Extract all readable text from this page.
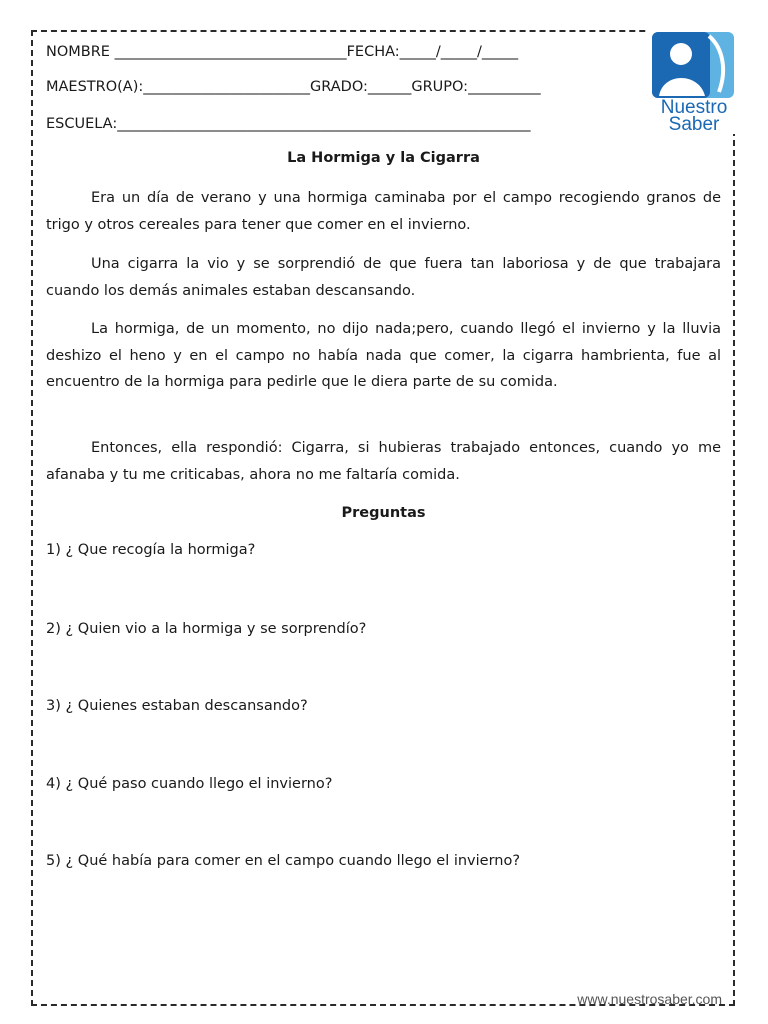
NOMBRE ________________________________FECHA:_____/_____/_____
MAESTRO(A):_______________________GRADO:______GRUPO:__________
ESCUELA:_________________________________________________________
Nuestro
Saber
La Hormiga y la Cigarra

Era un día de verano y una hormiga caminaba por el campo recogiendo granos de trigo y otros cereales para tener que comer en el invierno.

Una cigarra la vio y se sorprendió de que fuera tan laboriosa y de que trabajara cuando los demás animales estaban descansando.

La hormiga, de un momento, no dijo nada;pero, cuando llegó el invierno y la lluvia deshizo el heno y en el campo no había nada que comer, la cigarra hambrienta, fue al encuentro de la hormiga para pedirle que le diera parte de su comida.

Entonces, ella respondió: Cigarra, si hubieras trabajado entonces, cuando yo me afanaba y tu me criticabas, ahora no me faltaría comida.

Preguntas
1) ¿ Que recogía la hormiga?
2) ¿ Quien vio a la hormiga y se sorprendío?
3) ¿ Quienes estaban descansando?
4) ¿ Qué paso cuando llego el invierno?
5) ¿ Qué había para comer en el campo cuando llego el invierno?
www.nuestrosaber.com
